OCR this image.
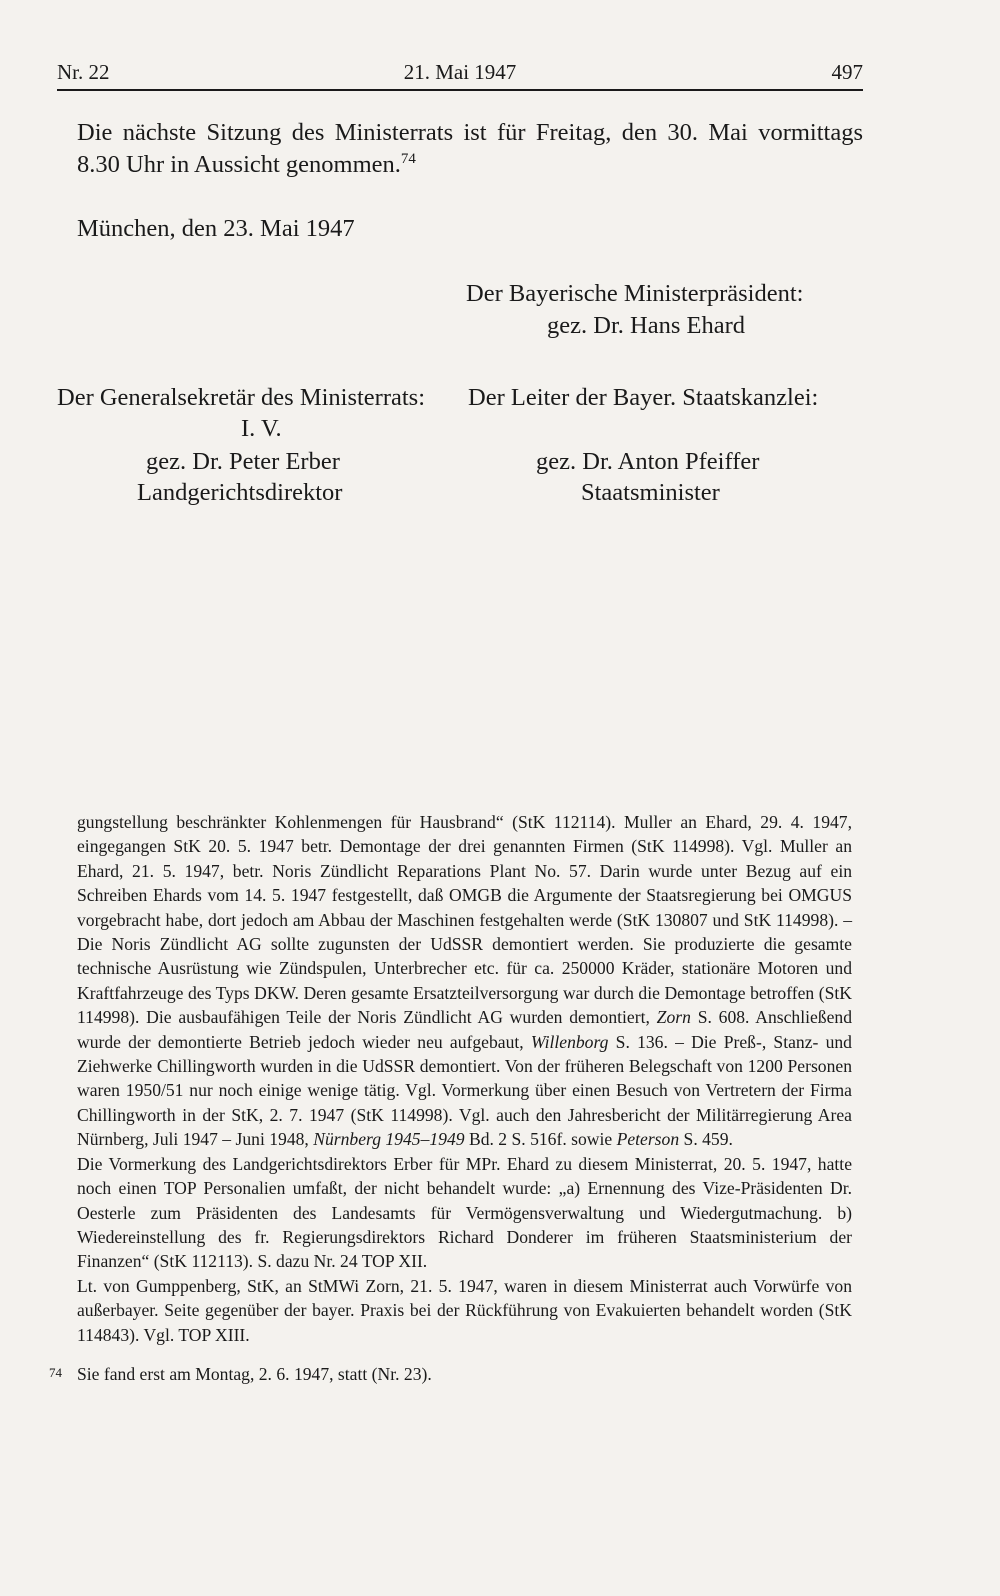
Nr. 22	21. Mai 1947	497

Die nächste Sitzung des Ministerrats ist für Freitag, den 30. Mai vormittags 8.30 Uhr in Aussicht genommen.$^{74}$

München, den 23. Mai 1947
Der Bayerische Ministerpräsident:
gez. Dr. Hans Ehard
Der Generalsekretär des Ministerrats: Der Leiter der Bayer. Staatskanzlei:
I. V.
gez. Dr. Peter Erber
Landgerichtsdirektor
gez. Dr. Anton Pfeiffer
Staatsminister

gungstellung beschränkter Kohlenmengen für Hausbrand“ (StK 112114). Muller an Ehard, 29. 4. 1947, eingegangen StK 20. 5. 1947 betr. Demontage der drei genannten Firmen (StK 114998). Vgl. Muller an Ehard, 21. 5. 1947, betr. Noris Zündlicht Reparations Plant No. 57. Darin wurde unter Bezug auf ein Schreiben Ehards vom 14. 5. 1947 festgestellt, daß OMGB die Argumente der Staatsregierung bei OMGUS vorgebracht habe, dort jedoch am Abbau der Maschinen festgehalten werde (StK 130807 und StK 114998). – Die Noris Zündlicht AG sollte zugunsten der UdSSR demontiert werden. Sie produzierte die gesamte technische Ausrüstung wie Zündspulen, Unterbrecher etc. für ca. 250000 Kräder, stationäre Motoren und Kraftfahrzeuge des Typs DKW. Deren gesamte Ersatzteilversorgung war durch die Demontage betroffen (StK 114998). Die ausbaufähigen Teile der Noris Zündlicht AG wurden demontiert, Zorn S. 608. Anschließend wurde der demontierte Betrieb jedoch wieder neu aufgebaut, Willenborg S. 136. – Die Preß-, Stanz- und Ziehwerke Chillingworth wurden in die UdSSR demontiert. Von der früheren Belegschaft von 1200 Personen waren 1950/51 nur noch einige wenige tätig. Vgl. Vormerkung über einen Besuch von Vertretern der Firma Chillingworth in der StK, 2. 7. 1947 (StK 114998). Vgl. auch den Jahresbericht der Militärregierung Area Nürnberg, Juli 1947 – Juni 1948, Nürnberg 1945–1949 Bd. 2 S. 516f. sowie Peterson S. 459.

Die Vormerkung des Landgerichtsdirektors Erber für MPr. Ehard zu diesem Ministerrat, 20. 5. 1947, hatte noch einen TOP Personalien umfaßt, der nicht behandelt wurde: „a) Ernennung des Vize-Präsidenten Dr. Oesterle zum Präsidenten des Landesamts für Vermögensverwaltung und Wiedergutmachung. b) Wiedereinstellung des fr. Regierungsdirektors Richard Donderer im früheren Staatsministerium der Finanzen“ (StK 112113). S. dazu Nr. 24 TOP XII.

Lt. von Gumppenberg, StK, an StMWi Zorn, 21. 5. 1947, waren in diesem Ministerrat auch Vorwürfe von außerbayer. Seite gegenüber der bayer. Praxis bei der Rückführung von Evakuierten behandelt worden (StK 114843). Vgl. TOP XIII.

74 Sie fand erst am Montag, 2. 6. 1947, statt (Nr. 23).
